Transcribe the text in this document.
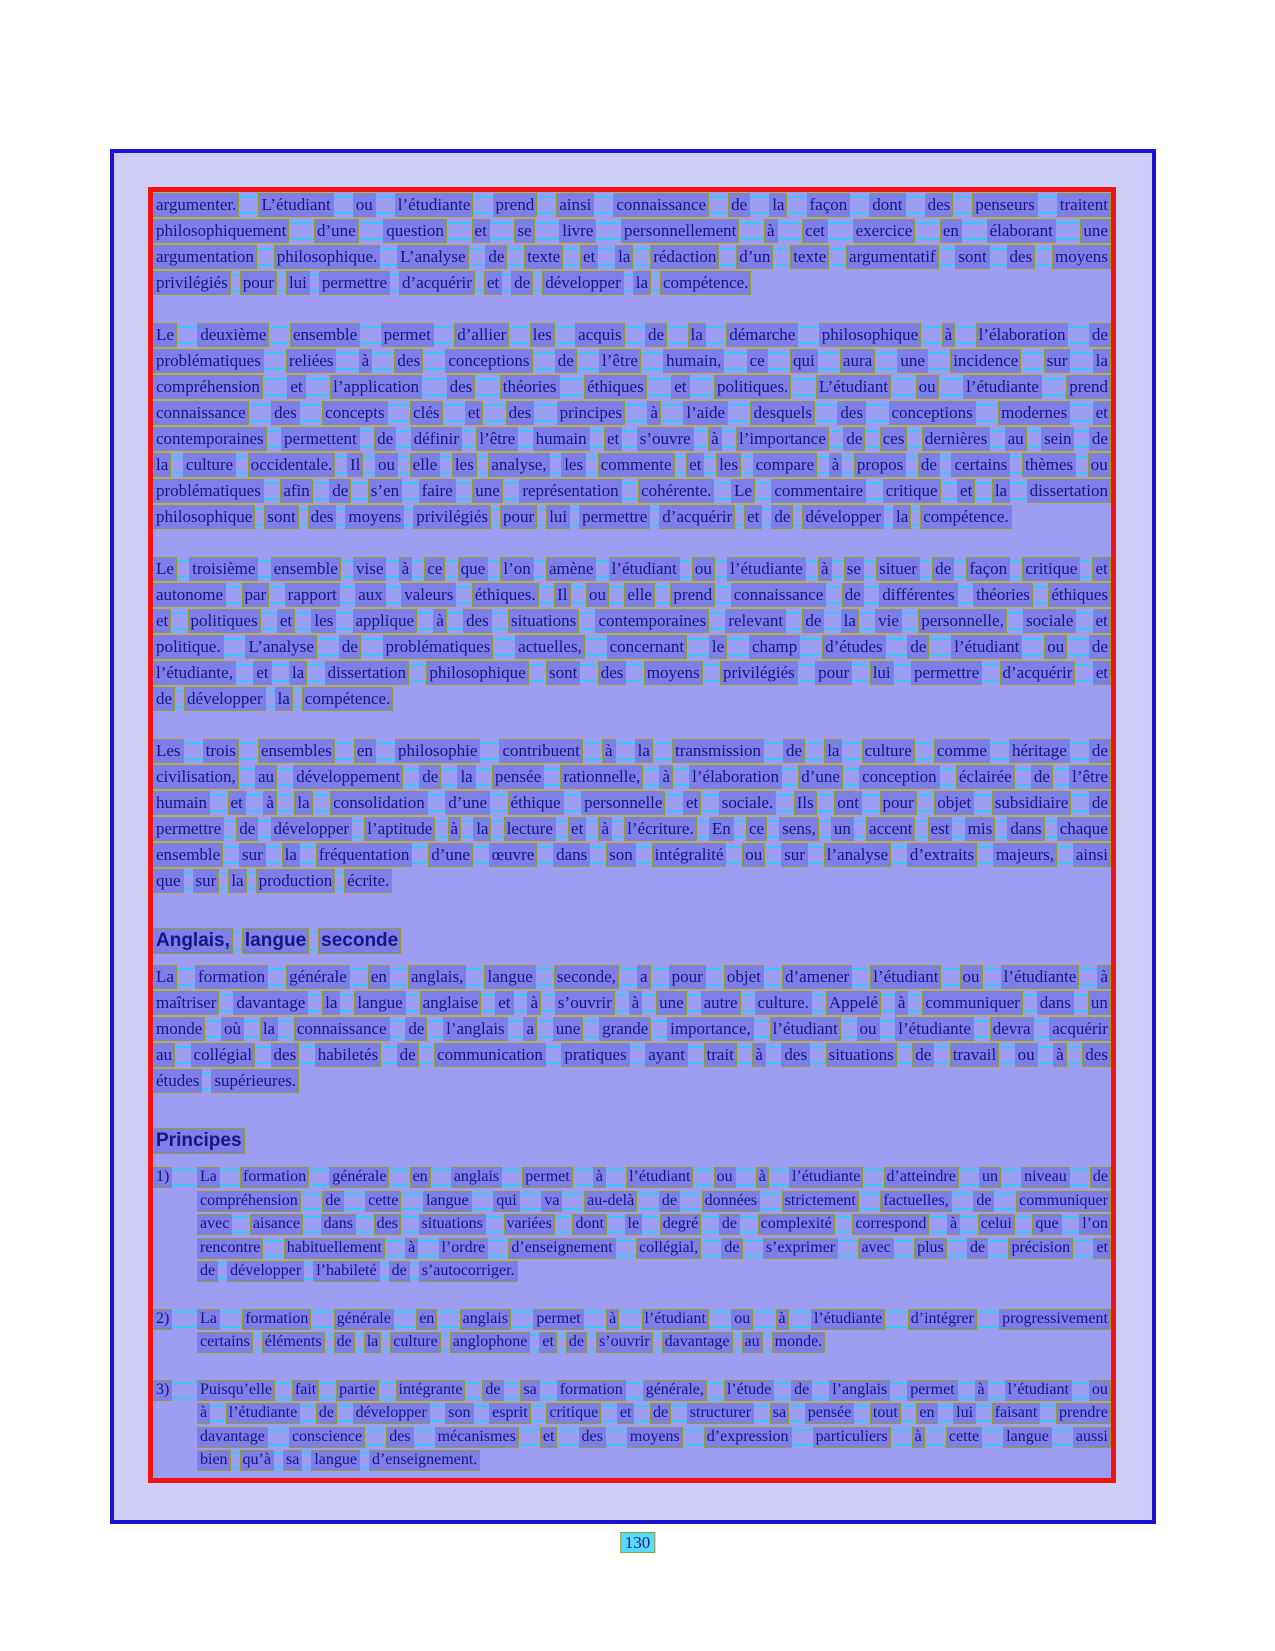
argumenter. L’étudiant ou l’étudiante prend ainsi connaissance de la façon dont des penseurs traitent
philosophiquement d’une question et se livre personnellement à cet exercice en élaborant une
argumentation philosophique. L’analyse de texte et la rédaction d’un texte argumentatif sont des moyens
privilégiés pour lui permettre d’acquérir et de développer la compétence.
Le deuxième ensemble permet d’allier les acquis de la démarche philosophique à l’élaboration de
problématiques reliées à des conceptions de l’être humain, ce qui aura une incidence sur la
compréhension et l’application des théories éthiques et politiques. L’étudiant ou l’étudiante prend
connaissance des concepts clés et des principes à l’aide desquels des conceptions modernes et
contemporaines permettent de définir l’être humain et s’ouvre à l’importance de ces dernières au sein de
la culture occidentale. Il ou elle les analyse, les commente et les compare à propos de certains thèmes ou
problématiques afin de s’en faire une représentation cohérente. Le commentaire critique et la dissertation
philosophique sont des moyens privilégiés pour lui permettre d’acquérir et de développer la compétence.
Le troisième ensemble vise à ce que l’on amène l’étudiant ou l’étudiante à se situer de façon critique et
autonome par rapport aux valeurs éthiques. Il ou elle prend connaissance de différentes théories éthiques
et politiques et les applique à des situations contemporaines relevant de la vie personnelle, sociale et
politique. L’analyse de problématiques actuelles, concernant le champ d’études de l’étudiant ou de
l’étudiante, et la dissertation philosophique sont des moyens privilégiés pour lui permettre d’acquérir et
de développer la compétence.
Les trois ensembles en philosophie contribuent à la transmission de la culture comme héritage de
civilisation, au développement de la pensée rationnelle, à l’élaboration d’une conception éclairée de l’être
humain et à la consolidation d’une éthique personnelle et sociale. Ils ont pour objet subsidiaire de
permettre de développer l’aptitude à la lecture et à l’écriture. En ce sens, un accent est mis dans chaque
ensemble sur la fréquentation d’une œuvre dans son intégralité ou sur l’analyse d’extraits majeurs, ainsi
que sur la production écrite.
Anglais, langue seconde
La formation générale en anglais, langue seconde, a pour objet d’amener l’étudiant ou l’étudiante à
maîtriser davantage la langue anglaise et à s’ouvrir à une autre culture. Appelé à communiquer dans un
monde où la connaissance de l’anglais a une grande importance, l’étudiant ou l’étudiante devra acquérir
au collégial des habiletés de communication pratiques ayant trait à des situations de travail ou à des
études supérieures.
Principes
1) La formation générale en anglais permet à l’étudiant ou à l’étudiante d’atteindre un niveau de
compréhension de cette langue qui va au-delà de données strictement factuelles, de communiquer
avec aisance dans des situations variées dont le degré de complexité correspond à celui que l’on
rencontre habituellement à l’ordre d’enseignement collégial, de s’exprimer avec plus de précision et
de développer l’habileté de s’autocorriger.
2) La formation générale en anglais permet à l’étudiant ou à l’étudiante d’intégrer progressivement
certains éléments de la culture anglophone et de s’ouvrir davantage au monde.
3) Puisqu’elle fait partie intégrante de sa formation générale, l’étude de l’anglais permet à l’étudiant ou
à l’étudiante de développer son esprit critique et de structurer sa pensée tout en lui faisant prendre
davantage conscience des mécanismes et des moyens d’expression particuliers à cette langue aussi
bien qu’à sa langue d’enseignement.
130
